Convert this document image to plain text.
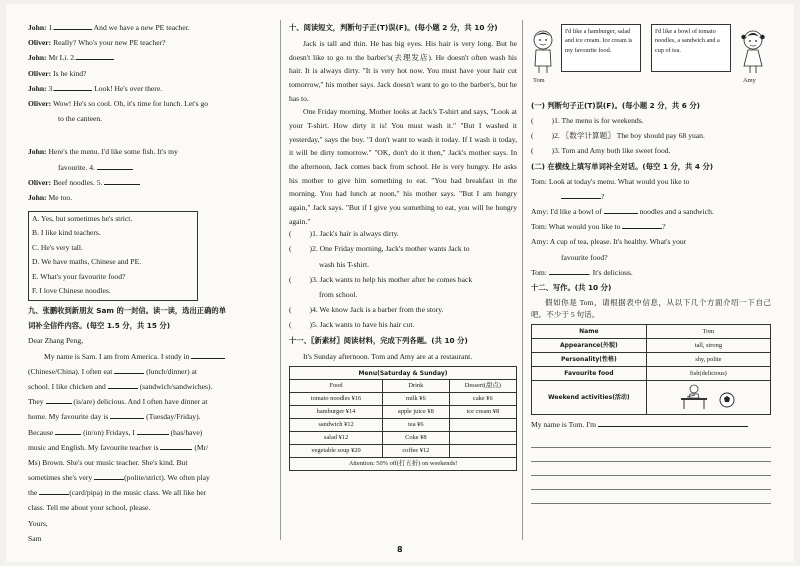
John: 1.	And we have a new PE teacher.
Oliver: Really? Who's your new PE teacher?
John: Mr Li. 2.
Oliver: Is he kind?
John: 3.	Look! He's over there.
Oliver: Wow! He's so cool. Oh, it's time for lunch. Let's go
to the canteen.
John: Here's the menu. I'd like some fish. It's my
favourite. 4.
Oliver: Beef noodles. 5.
John: Me too.
A. Yes, but sometimes he's strict.
B. I like kind teachers.
C. He's very tall.
D. We have maths, Chinese and PE.
E. What's your favourite food?
F. I love Chinese noodles.
九、张鹏收到新朋友 Sam 的一封信。读一读，选出正确的单
词补全信件内容。(每空 1.5 分，共 15 分)
Dear Zhang Peng,
My name is Sam. I am from America. I study in
(Chinese/China). I often eat	(lunch/dinner) at
school. I like chicken and	(sandwich/sandwiches).
They	(is/are) delicious. And I often have dinner at
home. My favourite day is	(Tuesday/Friday).
Because	(in/on) Fridays, I	(has/have)
music and English. My favourite teacher is	(Mr/
Ms) Brown. She's our music teacher. She's kind. But
sometimes she's very	(polite/strict). We often play
the	(card/pipa) in the music class. We all like her
class. Tell me about your school, please.
Yours,
Sam
十、阅读短文，判断句子正(T)误(F)。(每小题 2 分，共 10 分)

Jack is tall and thin. He has big eyes. His hair is very long. But he doesn't like to go to the barber's(去理发店). He doesn't often wash his hair. It is always dirty. "It is very hot now. You must have your hair cut tomorrow," his mother says. Jack doesn't want to go to the barber's, but he has to.

One Friday morning, Mother looks at Jack's T-shirt and says, "Look at your T-shirt. How dirty it is! You must wash it." "But I washed it yesterday," says the boy. "I don't want to wash it today. If I wash it today, it will be dirty tomorrow." "OK, don't do it then," Jack's mother says. In the afternoon, Jack comes back from school. He is very hungry. He asks his mother to give him something to eat. "You had breakfast in the morning. You had lunch at noon," his mother says. "But I am hungry again," Jack says. "But if I give you something to eat, you will be hungry again."

( )1. Jack's hair is always dirty.
( )2. One Friday morning, Jack's mother wants Jack to
wash his T-shirt.
( )3. Jack wants to help his mother after he comes back
from school.
( )4. We know Jack is a barber from the story.
( )5. Jack wants to have his hair cut.
十一、〖新素材〗阅读材料，完成下列各题。(共 10 分)

It's Sunday afternoon. Tom and Amy are at a restaurant.

Menu(Saturday & Sunday)		
Food	Drink	Dessert(甜点)
tomato noodles ¥16	milk ¥6	cake ¥6
hamburger ¥14	apple juice ¥8	ice cream ¥8
sandwich ¥12	tea ¥6	
salad ¥12	Coke ¥8	
vegetable soup ¥20	coffee ¥12	
Attention: 50% off(打五折) on weekends!		
Tom
I'd like a hamburger, salad and ice cream. Ice cream is my favourite food.
I'd like a bowl of tomato noodles, a sandwich and a cup of tea.
Amy
(一) 判断句子正(T)误(F)。(每小题 2 分，共 6 分)
( )1. The menu is for weekends.
( )2. 〖数学计算题〗 The boy should pay 68 yuan.
( )3. Tom and Amy both like sweet food.
(二) 在横线上填写单词补全对话。(每空 1 分，共 4 分)
Tom: Look at today's menu. What would you like to
?
Amy: I'd like a bowl of	noodles and a sandwich.
Tom: What would you like to	?
Amy: A cup of tea, please. It's healthy. What's your
favourite food?
Tom:	. It's delicious.
十二、写作。(共 10 分)

假如你是 Tom，请根据表中信息，从以下几个方面介绍一下自己吧。不少于 5 句话。

Name	Tom
Appearance(外貌)	tall, strong
Personality(性格)	shy, polite
Favourite food	fish(delicious)
Weekend activities(活动)	
My name is Tom. I'm
8
